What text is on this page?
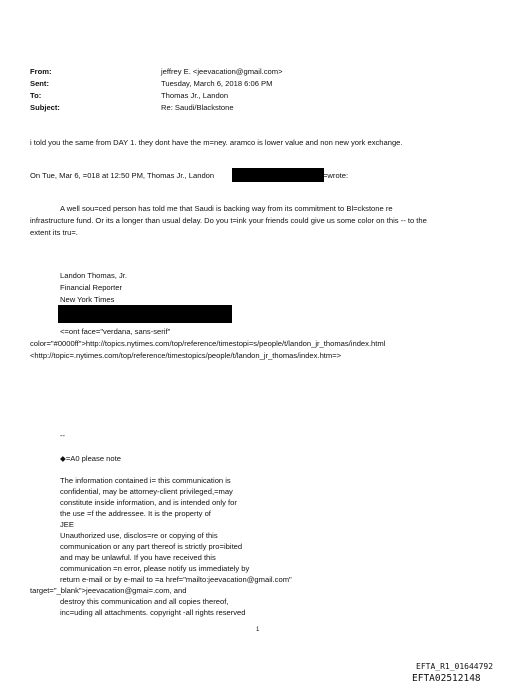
From:	jeffrey E. <jeevacation@gmail.com>
Sent:	Tuesday, March 6, 2018 6:06 PM
To:	Thomas Jr., Landon
Subject:	Re: Saudi/Blackstone
i told you the same from DAY 1. they dont have the m=ney. aramco is lower value and non new york exchange.
On Tue, Mar 6, =018 at 12:50 PM, Thomas Jr., Landon	=wrote:
A well sou=ced person has told me that Saudi is backing way from its commitment to Bl=ckstone re
infrastructure fund. Or its a longer than usual delay. Do you t=ink your friends could give us some color on this -- to the
extent its tru=.
Landon Thomas, Jr.
Financial Reporter
New York Times
<=ont face="verdana, sans-serif"
color="#0000ff">http://topics.nytimes.com/top/reference/timestopi=s/people/t/landon_jr_thomas/index.html
<http://topic=.nytimes.com/top/reference/timestopics/people/t/landon_jr_thomas/index.htm=>
--
◆=A0 please note
The information contained i= this communication is
confidential, may be attorney-client privileged,=may
constitute inside information, and is intended only for
the use =f the addressee. It is the property of
JEE
Unauthorized use, disclos=re or copying of this
communication or any part thereof is strictly pro=ibited
and may be unlawful. If you have received this
communication =n error, please notify us immediately by
return e-mail or by e-mail to =a href="mailto:jeevacation@gmail.com"
target="_blank">jeevacation@gmai=.com, and
destroy this communication and all copies thereof,
inc=uding all attachments. copyright -all rights reserved
1
EFTA_R1_01644792
EFTA02512148
